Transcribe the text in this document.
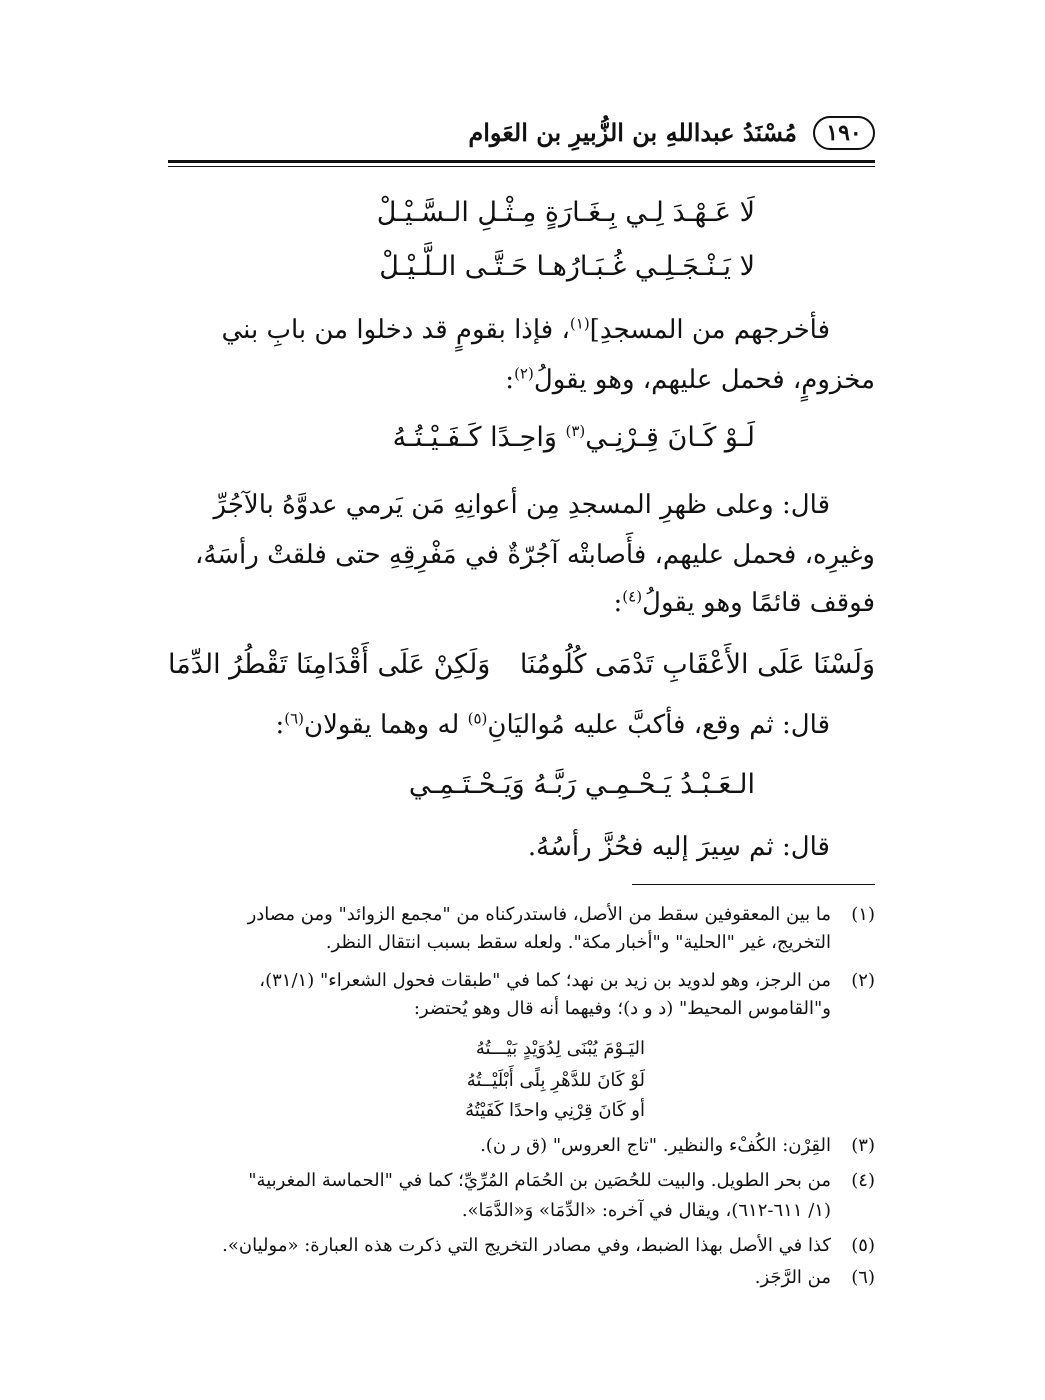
١٩٠
مُسْنَدُ عبداللهِ بن الزُّبيرِ بن العَوام
لَا عَـهْـدَ لِـي بِـغَـارَةٍ مِـثْـلِ الـسَّـيْـلْ
لا يَـنْـجَـلِـي غُـبَـارُهـا حَـتَّـى الـلَّـيْـلْ
فأخرجهم من المسجدِ]$^{(١)}$، فإذا بقومٍ قد دخلوا من بابِ بني
مخزومٍ، فحمل عليهم، وهو يقولُ$^{(٢)}$:
لَـوْ كَـانَ قِـرْنِـي$^{(٣)}$ وَاحِـدًا كَـفَـيْـتُـهُ
قال: وعلى ظهرِ المسجدِ مِن أعوانِهِ مَن يَرمي عدوَّهُ بالآجُرِّ
وغيرِه، فحمل عليهم، فأَصابتْه آجُرّةٌ في مَفْرِقِهِ حتى فلقتْ رأسَهُ،
فوقف قائمًا وهو يقولُ$^{(٤)}$:
وَلَسْنَا عَلَى الأَعْقَابِ تَدْمَى كُلُومُنَا
وَلَكِنْ عَلَى أَقْدَامِنَا تَقْطُرُ الدِّمَا
قال: ثم وقع، فأكبَّ عليه مُواليَانِ$^{(٥)}$ له وهما يقولان$^{(٦)}$:
الـعَـبْـدُ يَـحْـمِـي رَبَّـهُ وَيَـحْـتَـمِـي
قال: ثم سِيرَ إليه فحُزَّ رأسُهُ.
(١)
ما بين المعقوفين سقط من الأصل، فاستدركناه من "مجمع الزوائد" ومن مصادر
التخريج، غير "الحلية" و"أخبار مكة". ولعله سقط بسبب انتقال النظر.
(٢)
من الرجز، وهو لدويد بن زيد بن نهد؛ كما في "طبقات فحول الشعراء" (٣١/١)،
و"القاموس المحيط" (د و د)؛ وفيهما أنه قال وهو يُحتضر:
اليَـوْمَ يُبْنَى لِدُوَيْدٍ بَيْـــتُهُ
لَوْ كَانَ للدَّهْرِ بِلًى أَبْلَيْــتُهُ
أو كَانَ قِرْنِي واحدًا كَفَيْتُهُ
(٣)
القِرْن: الكُفْء والنظير. "تاج العروس" (ق ر ن).
(٤)
من بحر الطويل. والبيت للحُصَين بن الحُمَام المُرِّيِّ؛ كما في "الحماسة المغربية"
(١/ ٦١١-٦١٢)، ويقال في آخره: «الدِّمَا» وَ«الدَّمَا».
(٥)
كذا في الأصل بهذا الضبط، وفي مصادر التخريج التي ذكرت هذه العبارة: «موليان».
(٦)
من الرَّجَز.
